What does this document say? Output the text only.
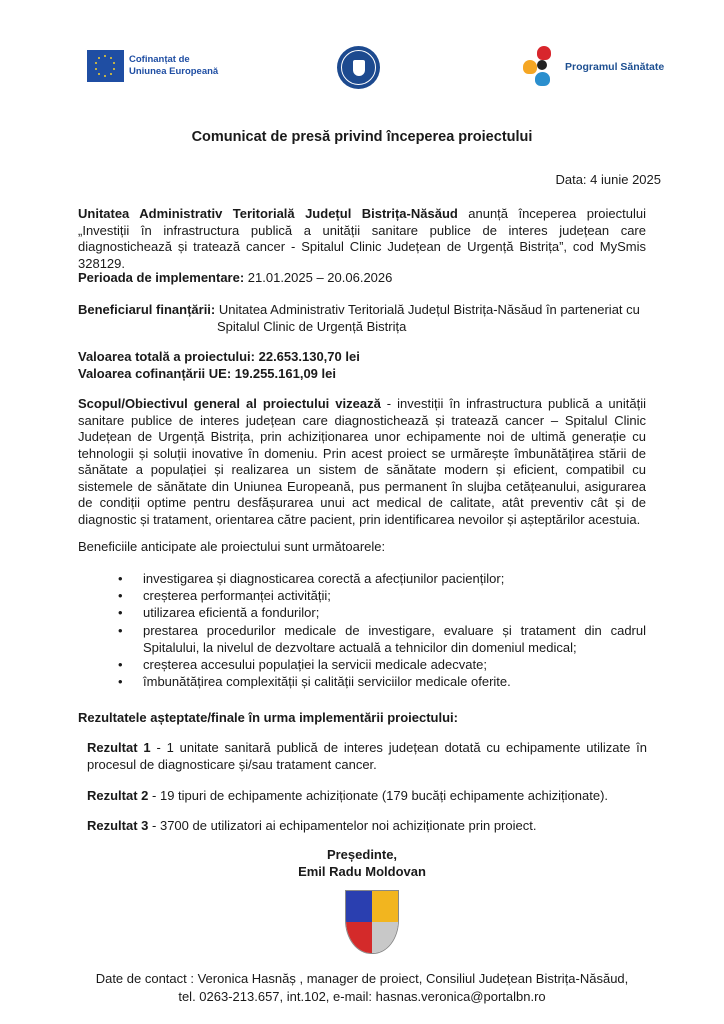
Cofinanțat de
Uniunea Europeană	Programul Sănătate
Comunicat de presă privind începerea proiectului
Data: 4 iunie 2025
Unitatea Administrativ Teritorială Județul Bistrița-Năsăud anunță începerea proiectului „Investiții în infrastructura publică a unității sanitare publice de interes județean care diagnostichează și tratează cancer - Spitalul Clinic Județean de Urgență Bistrița”, cod MySmis 328129.
Perioada de implementare: 21.01.2025 – 20.06.2026
Beneficiarul finanțării: Unitatea Administrativ Teritorială Județul Bistrița-Năsăud în parteneriat cu
Spitalul Clinic de Urgență Bistrița
Valoarea totală a proiectului: 22.653.130,70 lei
Valoarea cofinanțării UE: 19.255.161,09 lei
Scopul/Obiectivul general al proiectului vizează - investiții în infrastructura publică a unității sanitare publice de interes județean care diagnostichează și tratează cancer – Spitalul Clinic Județean de Urgență Bistrița, prin achiziționarea unor echipamente noi de ultimă generație cu tehnologii și soluții inovative în domeniu. Prin acest proiect se urmărește îmbunătățirea stării de sănătate a populației și realizarea un sistem de sănătate modern și eficient, compatibil cu sistemele de sănătate din Uniunea Europeană, pus permanent în slujba cetățeanului, asigurarea de condiții optime pentru desfășurarea unui act medical de calitate, atât preventiv cât și de diagnostic și tratament, orientarea către pacient, prin identificarea nevoilor și așteptărilor acestuia.
Beneficiile anticipate ale proiectului sunt următoarele:
• investigarea și diagnosticarea corectă a afecțiunilor pacienților;
• creșterea performanței activității;
• utilizarea eficientă a fondurilor;
• prestarea procedurilor medicale de investigare, evaluare și tratament din cadrul Spitalului, la nivelul de dezvoltare actuală a tehnicilor din domeniul medical;
• creșterea accesului populației la servicii medicale adecvate;
• îmbunătățirea complexității și calității serviciilor medicale oferite.
Rezultatele așteptate/finale în urma implementării proiectului:
Rezultat 1 - 1 unitate sanitară publică de interes județean dotată cu echipamente utilizate în procesul de diagnosticare și/sau tratament cancer.
Rezultat 2 - 19 tipuri de echipamente achiziționate (179 bucăți echipamente achiziționate).
Rezultat 3 - 3700 de utilizatori ai echipamentelor noi achiziționate prin proiect.
Președinte,
Emil Radu Moldovan
Date de contact : Veronica Hasnăș , manager de proiect, Consiliul Județean Bistrița-Năsăud,
tel. 0263-213.657, int.102, e-mail: hasnas.veronica@portalbn.ro
